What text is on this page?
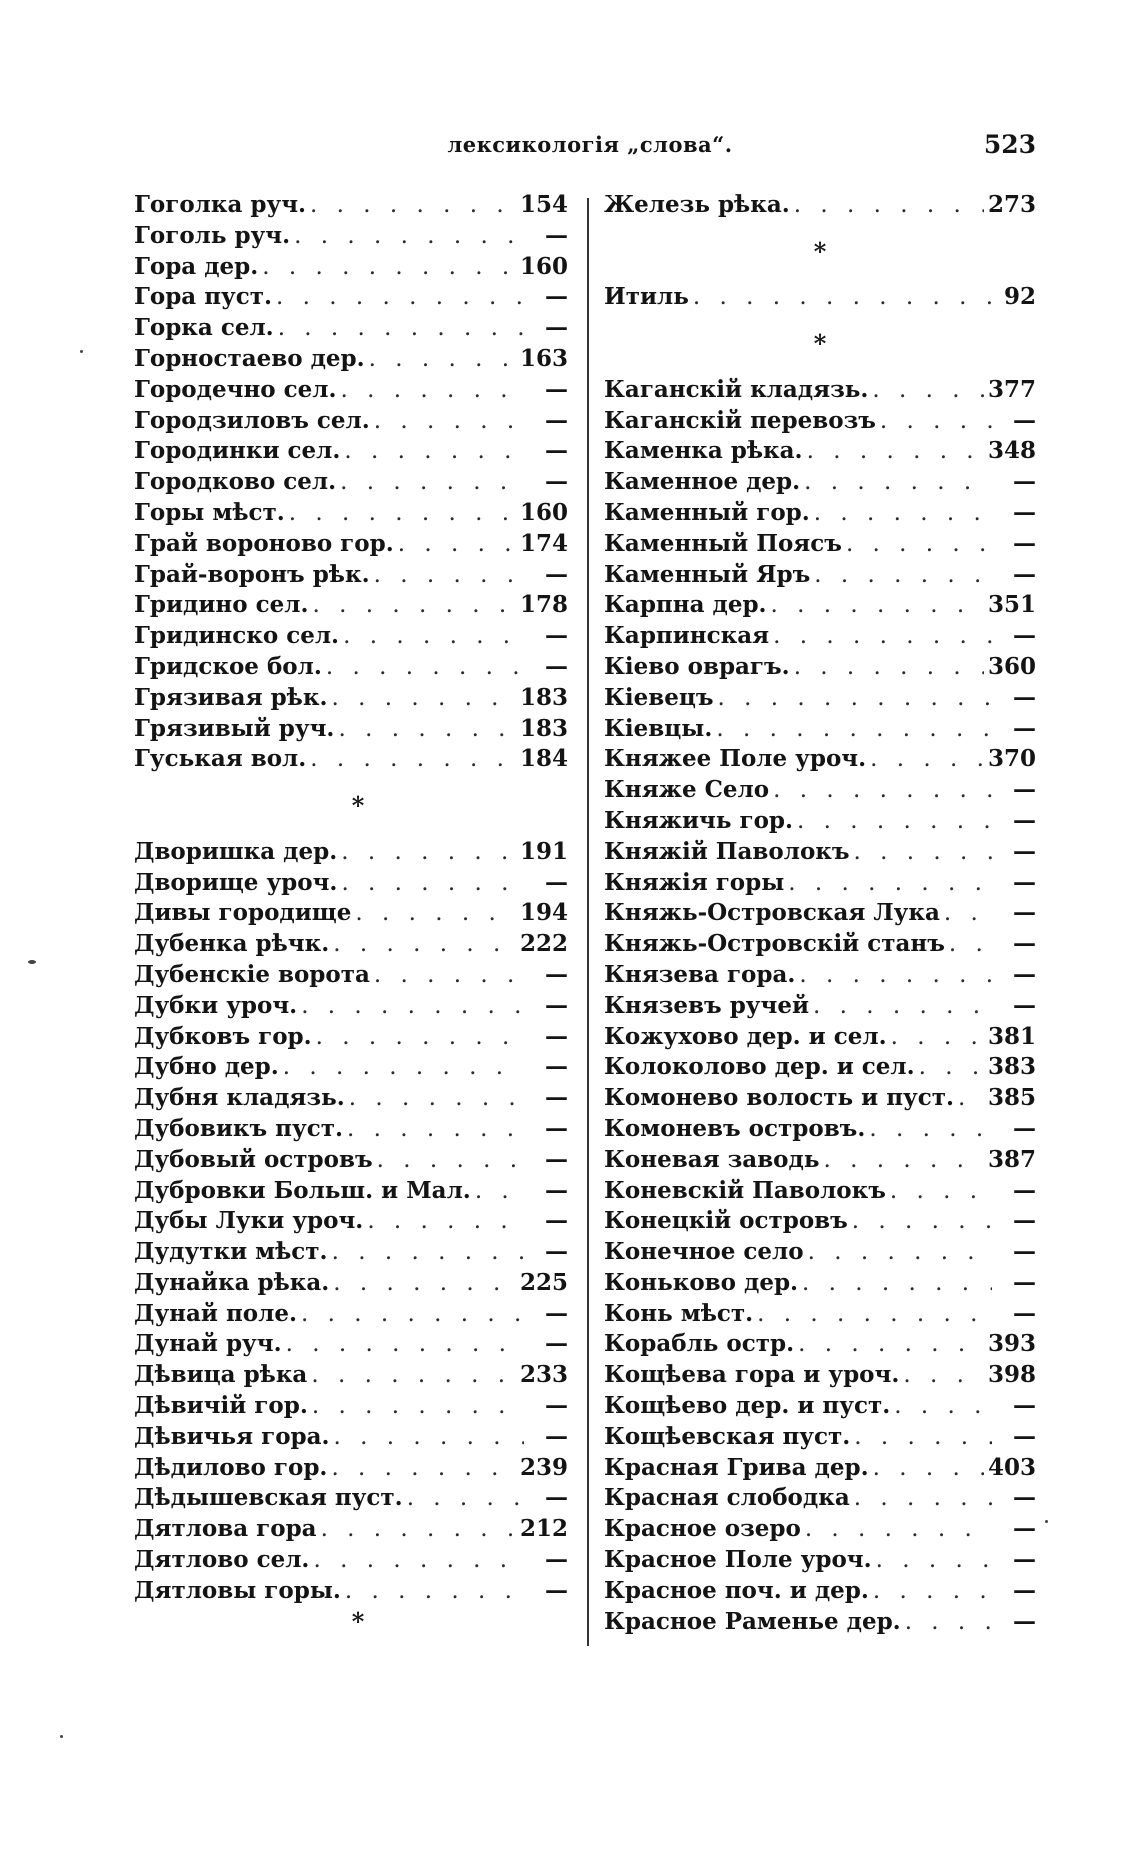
лексикологія „слова“.	523
Гоголка руч. . . .	154
Гоголь руч. . . .	—
Гора дер. . . .	160
Гора пуст. . . .	—
Горка сел. . . .	—
Горностаево дер. . . .	163
Городечно сел. . . .	—
Городзиловъ сел. . . .	—
Городинки сел. . . .	—
Городково сел. . . .	—
Горы мѣст. . . .	160
Грай вороново гор. . . .	174
Грай-воронъ рѣк. . . .	—
Гридино сел. . . .	178
Гридинско сел. . . .	—
Гридское бол. . . .	—
Грязивая рѣк. . . .	183
Грязивый руч. . . .	183
Гуськая вол. . . .	184
*
Дворишка дер. . . .	191
Дворище уроч. . . .	—
Дивы городище . . .	194
Дубенка рѣчк. . . .	222
Дубенскіе ворота . . .	—
Дубки уроч. . . .	—
Дубковъ гор. . . .	—
Дубно дер. . . .	—
Дубня кладязь. . . .	—
Дубовикъ пуст. . . .	—
Дубовый островъ . . .	—
Дубровки Больш. и Мал. . . .	—
Дубы Луки уроч. . . .	—
Дудутки мѣст. . . .	—
Дунайка рѣка. . . .	225
Дунай поле. . . .	—
Дунай руч. . . .	—
Дѣвица рѣка . . .	233
Дѣвичій гор. . . .	—
Дѣвичья гора. . . .	—
Дѣдилово гор. . . .	239
Дѣдышевская пуст. . . .	—
Дятлова гора . . .	212
Дятлово сел. . . .	—
Дятловы горы. . . .	—
*
Железь рѣка. . . .	273
*
Итиль . . .	92
*
Каганскій кладязь. . . .	377
Каганскій перевозъ . . .	—
Каменка рѣка. . . .	348
Каменное дер. . . .	—
Каменный гор. . . .	—
Каменный Поясъ . . .	—
Каменный Яръ . . .	—
Карпна дер. . . .	351
Карпинская . . .	—
Кіево оврагъ. . . .	360
Кіевецъ . . .	—
Кіевцы. . . .	—
Княжее Поле уроч. . . .	370
Княже Село . . .	—
Княжичь гор. . . .	—
Княжій Паволокъ . . .	—
Княжія горы . . .	—
Княжь-Островская Лука . . .	—
Княжь-Островскій станъ . . .	—
Князева гора. . . .	—
Князевъ ручей . . .	—
Кожухово дер. и сел. . . .	381
Колоколово дер. и сел. . . .	383
Комонево волость и пуст. . . . 385
Комоневъ островъ. . . .	—
Коневая заводь . . .	387
Коневскій Паволокъ . . .	—
Конецкій островъ . . .	—
Конечное село . . .	—
Коньково дер. . . .	—
Конь мѣст. . . .	—
Корабль остр. . . .	393
Кощѣева гора и уроч. . . .	398
Кощѣево дер. и пуст. . . .	—
Кощѣевская пуст. . . .	—
Красная Грива дер. . . .	403
Красная слободка . . .	—
Красное озеро . . .	—
Красное Поле уроч. . . .	—
Красное поч. и дер. . . .	—
Красное Раменье дер. . . .	—
